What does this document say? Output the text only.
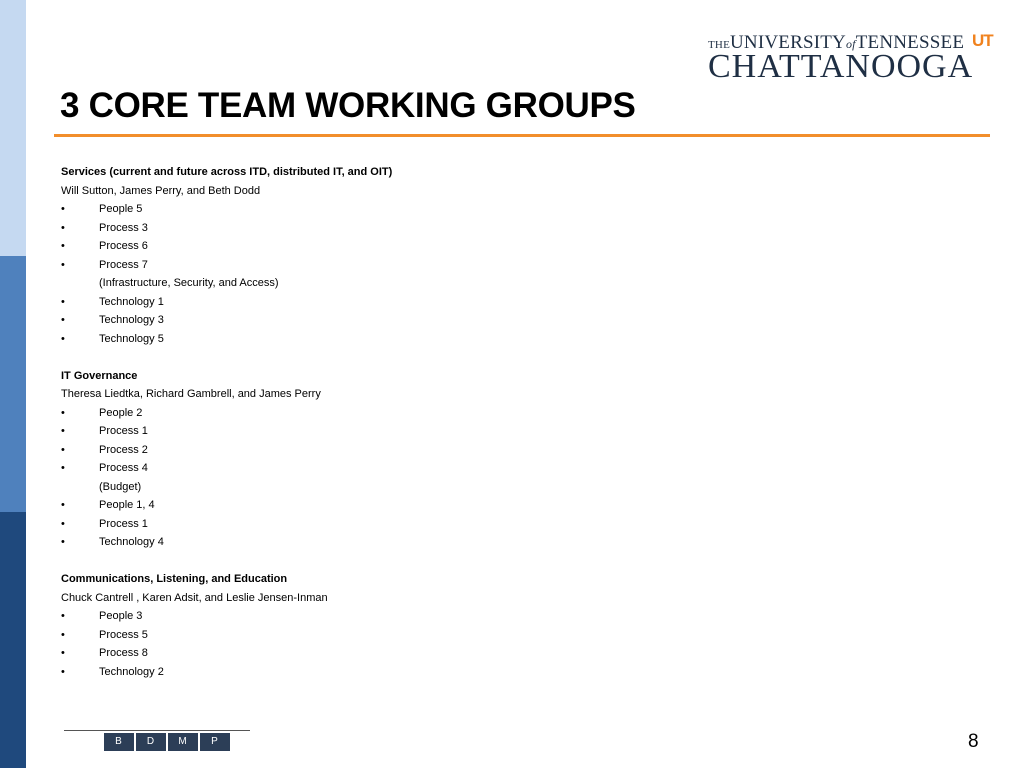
THEUNIVERSITYofTENNESSEE UT
CHATTANOOGA
3 CORE TEAM WORKING GROUPS
Services (current and future across ITD, distributed IT, and OIT)
Will Sutton, James Perry, and Beth Dodd
•	People 5
•	Process 3
•	Process 6
•	Process 7
(Infrastructure, Security, and Access)
•	Technology 1
•	Technology 3
•	Technology 5
IT Governance
Theresa Liedtka, Richard Gambrell, and James Perry
•	People 2
•	Process 1
•	Process 2
•	Process 4
(Budget)
•	People 1, 4
•	Process 1
•	Technology 4
Communications, Listening, and Education
Chuck Cantrell , Karen Adsit, and Leslie Jensen-Inman
•	People 3
•	Process 5
•	Process 8
•	Technology 2
B	D	M	P	8
